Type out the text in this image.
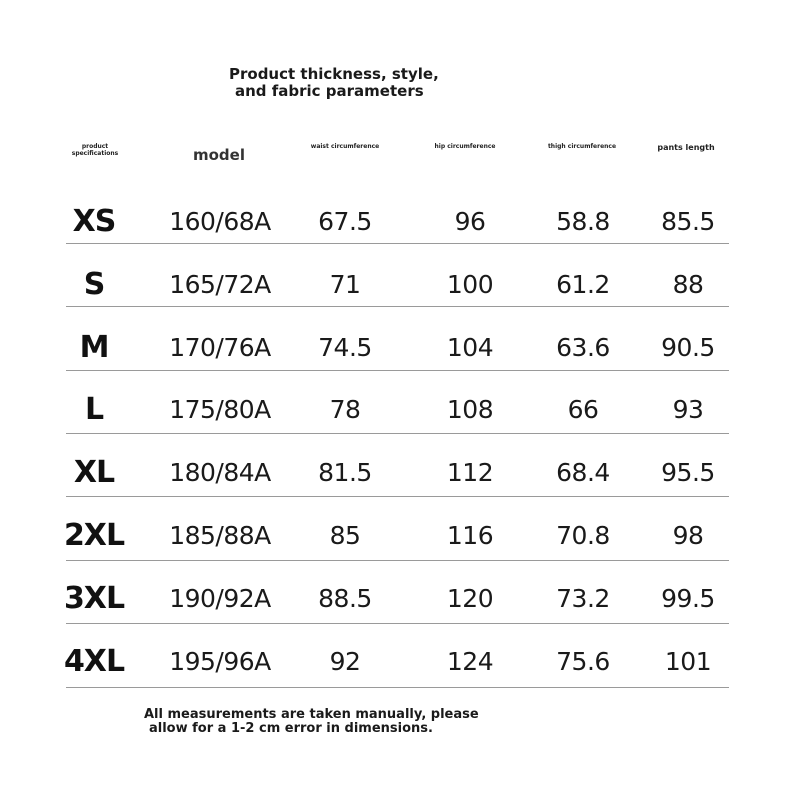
Product thickness, style,
and fabric parameters
product specifications	model	waist circumference	hip circumference	thigh circumference	pants length
XS	160/68A	67.5	96	58.8	85.5
S	165/72A	71	100	61.2	88
M	170/76A	74.5	104	63.6	90.5
L	175/80A	78	108	66	93
XL	180/84A	81.5	112	68.4	95.5
2XL	185/88A	85	116	70.8	98
3XL	190/92A	88.5	120	73.2	99.5
4XL	195/96A	92	124	75.6	101
All measurements are taken manually, please
allow for a 1-2 cm error in dimensions.
